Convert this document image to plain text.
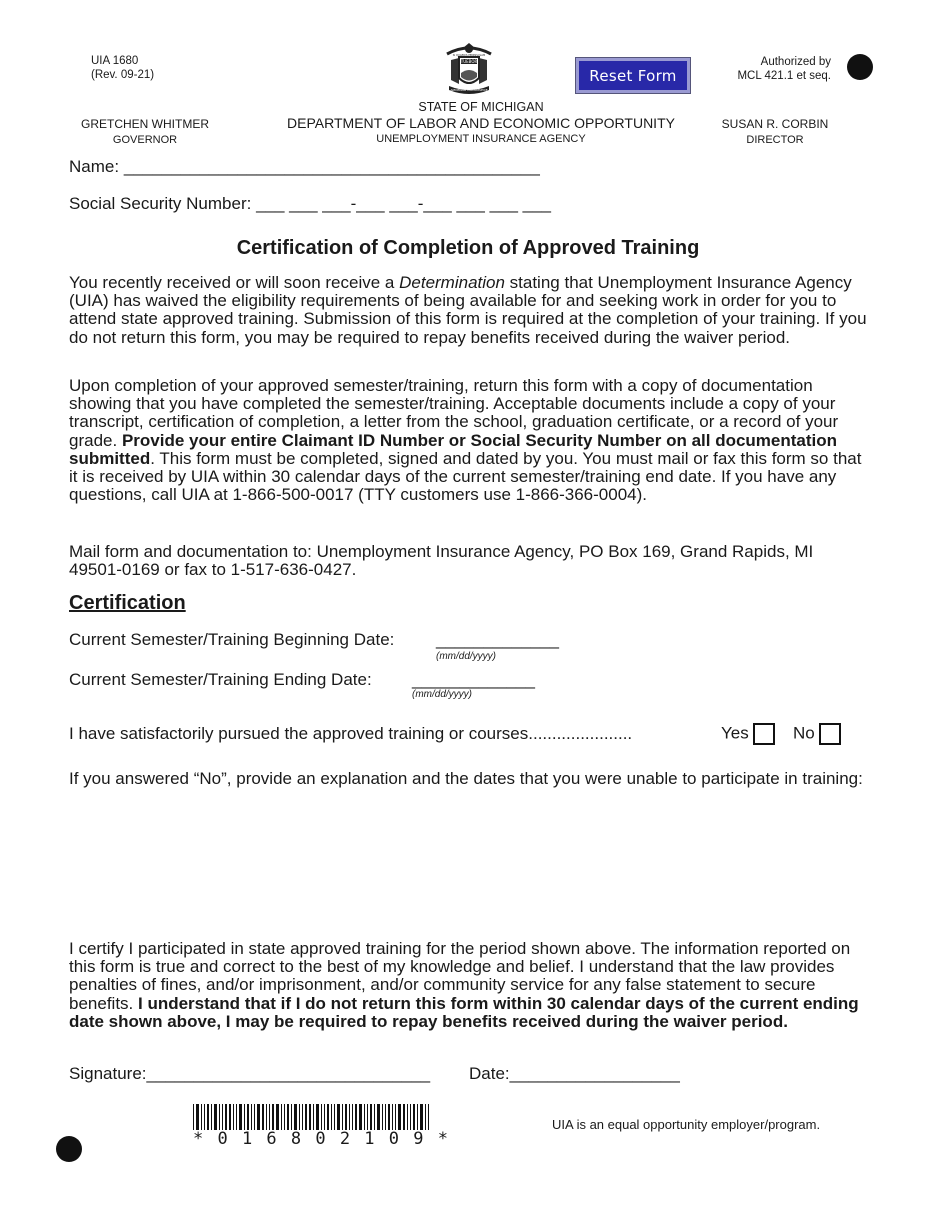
UIA 1680
(Rev. 09-21)
TUEBOR
AMOENAM CIRCUMSPICE
SI QUAERIS PENINSULAM
Reset Form
Authorized by
MCL 421.1 et seq.
GRETCHEN WHITMER
GOVERNOR
STATE OF MICHIGAN
DEPARTMENT OF LABOR AND ECONOMIC OPPORTUNITY
UNEMPLOYMENT INSURANCE AGENCY
SUSAN R. CORBIN
DIRECTOR
Name: ____________________________________________
Social Security Number: ___ ___ ___-___ ___-___ ___ ___ ___
Certification of Completion of Approved Training
You recently received or will soon receive a Determination stating that Unemployment Insurance Agency (UIA) has waived the eligibility requirements of being available for and seeking work in order for you to attend state approved training. Submission of this form is required at the completion of your training. If you do not return this form, you may be required to repay benefits received during the waiver period.
Upon completion of your approved semester/training, return this form with a copy of documentation showing that you have completed the semester/training. Acceptable documents include a copy of your transcript, certification of completion, a letter from the school, graduation certificate, or a record of your grade. Provide your entire Claimant ID Number or Social Security Number on all documentation submitted. This form must be completed, signed and dated by you. You must mail or fax this form so that it is received by UIA within 30 calendar days of the current semester/training end date. If you have any questions, call UIA at 1-866-500-0017 (TTY customers use 1-866-366-0004).
Mail form and documentation to: Unemployment Insurance Agency, PO Box 169, Grand Rapids, MI 49501-0169 or fax to 1-517-636-0427.
Certification
Current Semester/Training Beginning Date: _____________
(mm/dd/yyyy)
Current Semester/Training Ending Date: _____________
(mm/dd/yyyy)
I have satisfactorily pursued the approved training or courses......................	Yes	No
If you answered “No”, provide an explanation and the dates that you were unable to participate in training:
I certify I participated in state approved training for the period shown above. The information reported on this form is true and correct to the best of my knowledge and belief. I understand that the law provides penalties of fines, and/or imprisonment, and/or community service for any false statement to secure benefits. I understand that if I do not return this form within 30 calendar days of the current ending date shown above, I may be required to repay benefits received during the waiver period.
Signature:______________________________ Date:__________________
* 0 1 6 8 0 2 1 0 9 *
UIA is an equal opportunity employer/program.
